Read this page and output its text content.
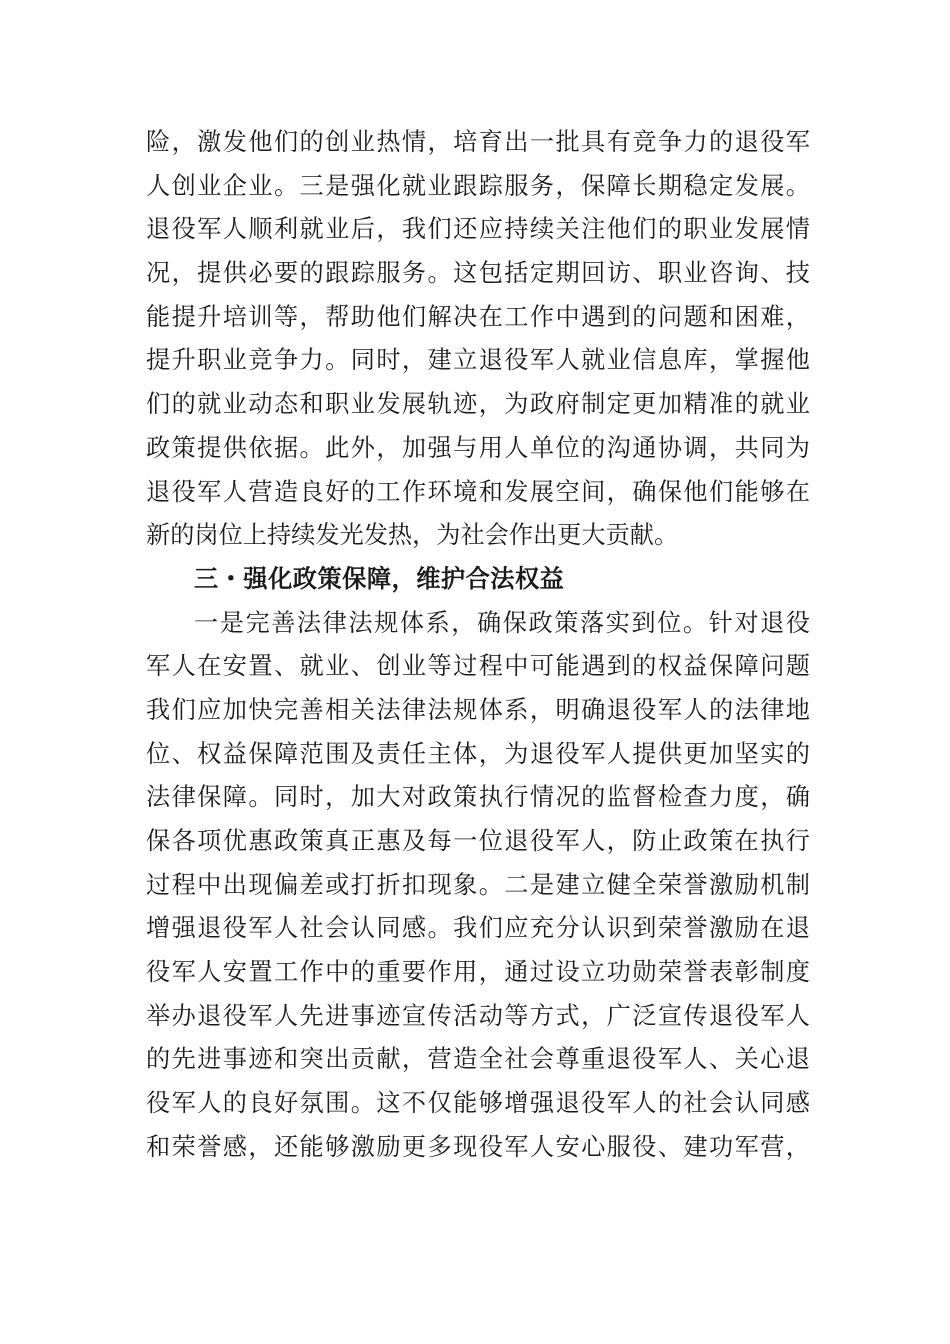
险，激发他们的创业热情，培育出一批具有竞争力的退役军
人创业企业。三是强化就业跟踪服务，保障长期稳定发展。
退役军人顺利就业后，我们还应持续关注他们的职业发展情
况，提供必要的跟踪服务。这包括定期回访、职业咨询、技
能提升培训等，帮助他们解决在工作中遇到的问题和困难，
提升职业竞争力。同时，建立退役军人就业信息库，掌握他
们的就业动态和职业发展轨迹，为政府制定更加精准的就业
政策提供依据。此外，加强与用人单位的沟通协调，共同为
退役军人营造良好的工作环境和发展空间，确保他们能够在
新的岗位上持续发光发热，为社会作出更大贡献。
三・强化政策保障，维护合法权益
一是完善法律法规体系，确保政策落实到位。针对退役
军人在安置、就业、创业等过程中可能遇到的权益保障问题
我们应加快完善相关法律法规体系，明确退役军人的法律地
位、权益保障范围及责任主体，为退役军人提供更加坚实的
法律保障。同时，加大对政策执行情况的监督检查力度，确
保各项优惠政策真正惠及每一位退役军人，防止政策在执行
过程中出现偏差或打折扣现象。二是建立健全荣誉激励机制
增强退役军人社会认同感。我们应充分认识到荣誉激励在退
役军人安置工作中的重要作用，通过设立功勋荣誉表彰制度
举办退役军人先进事迹宣传活动等方式，广泛宣传退役军人
的先进事迹和突出贡献，营造全社会尊重退役军人、关心退
役军人的良好氛围。这不仅能够增强退役军人的社会认同感
和荣誉感，还能够激励更多现役军人安心服役、建功军营，
